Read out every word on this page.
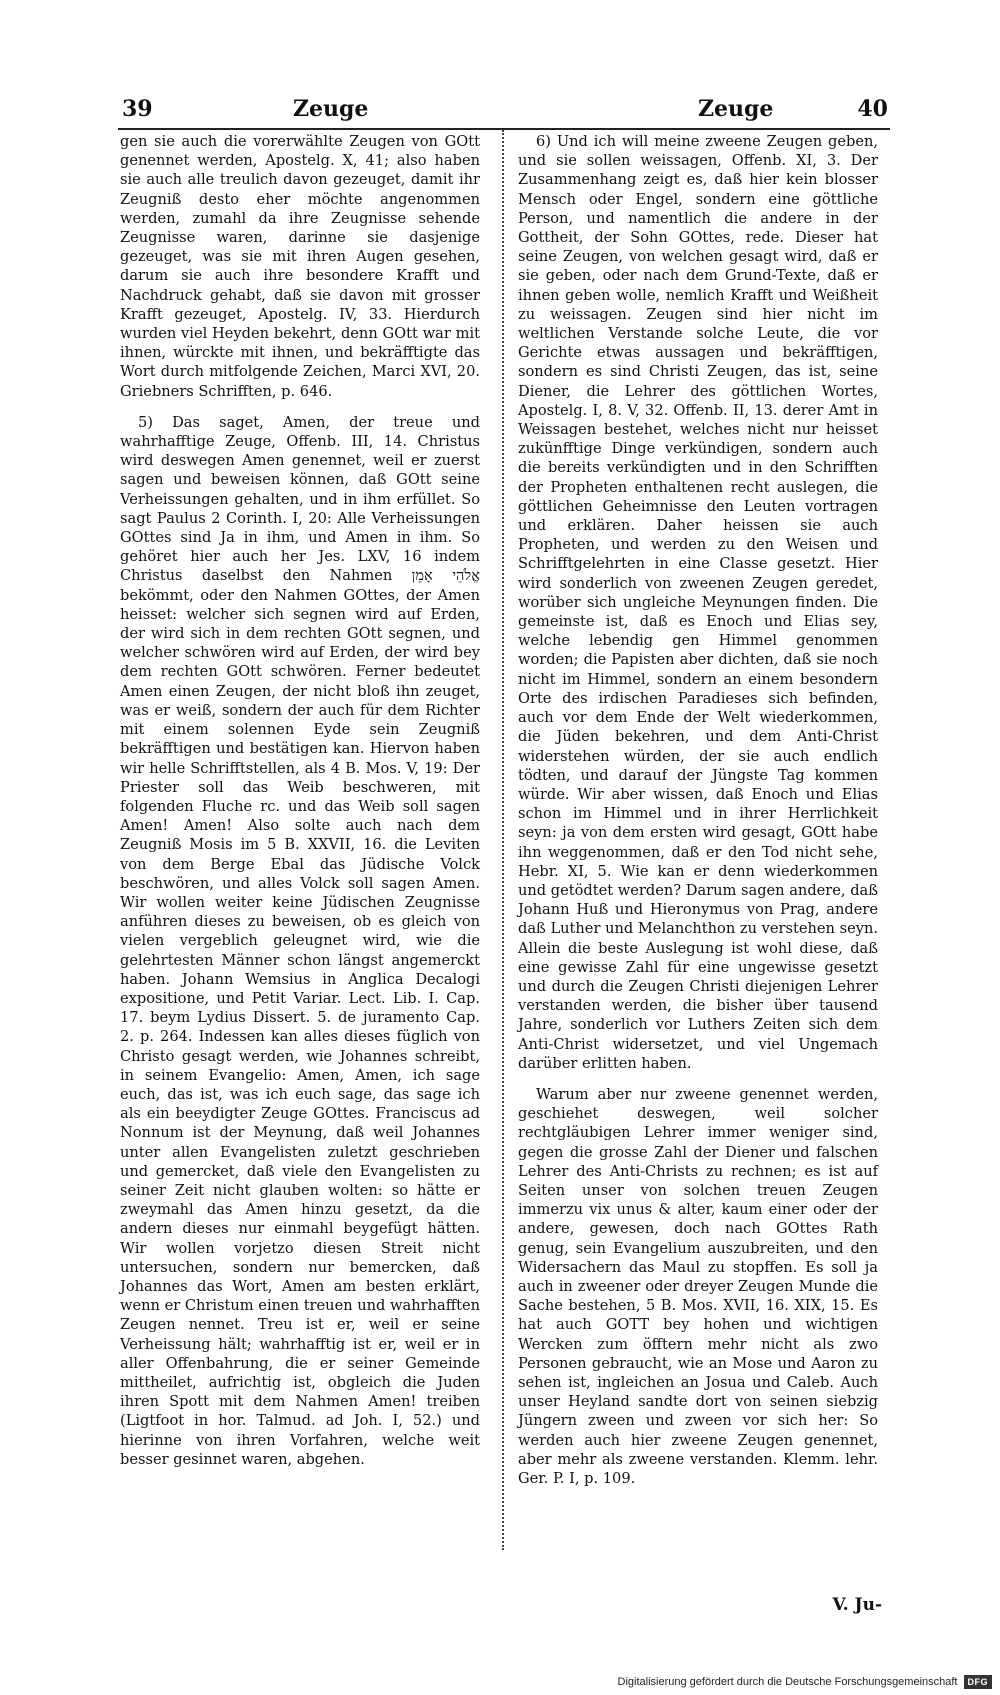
39	Zeuge	Zeuge	40

gen sie auch die vorerwählte Zeugen von GOtt genennet werden, Apostelg. X, 41; also haben sie auch alle treulich davon gezeuget, damit ihr Zeugniß desto eher möchte angenommen werden, zumahl da ihre Zeugnisse sehende Zeugnisse waren, darinne sie dasjenige gezeuget, was sie mit ihren Augen gesehen, darum sie auch ihre besondere Krafft und Nachdruck gehabt, daß sie davon mit grosser Krafft gezeuget, Apostelg. IV, 33. Hierdurch wurden viel Heyden bekehrt, denn GOtt war mit ihnen, würckte mit ihnen, und bekräfftigte das Wort durch mitfolgende Zeichen, Marci XVI, 20. Griebners Schrifften, p. 646.

5) Das saget, Amen, der treue und wahrhafftige Zeuge, Offenb. III, 14. Christus wird deswegen Amen genennet, weil er zuerst sagen und beweisen können, daß GOtt seine Verheissungen gehalten, und in ihm erfüllet. So sagt Paulus 2 Corinth. I, 20: Alle Verheissungen GOttes sind Ja in ihm, und Amen in ihm. So gehöret hier auch her Jes. LXV, 16 indem Christus daselbst den Nahmen אֱלֹהֵי אָמֵן bekömmt, oder den Nahmen GOttes, der Amen heisset: welcher sich segnen wird auf Erden, der wird sich in dem rechten GOtt segnen, und welcher schwören wird auf Erden, der wird bey dem rechten GOtt schwören. Ferner bedeutet Amen einen Zeugen, der nicht bloß ihn zeuget, was er weiß, sondern der auch für dem Richter mit einem solennen Eyde sein Zeugniß bekräfftigen und bestätigen kan. Hiervon haben wir helle Schrifftstellen, als 4 B. Mos. V, 19: Der Priester soll das Weib beschweren, mit folgenden Fluche rc. und das Weib soll sagen Amen! Amen! Also solte auch nach dem Zeugniß Mosis im 5 B. XXVII, 16. die Leviten von dem Berge Ebal das Jüdische Volck beschwören, und alles Volck soll sagen Amen. Wir wollen weiter keine Jüdischen Zeugnisse anführen dieses zu beweisen, ob es gleich von vielen vergeblich geleugnet wird, wie die gelehrtesten Männer schon längst angemerckt haben. Johann Wemsius in Anglica Decalogi expositione, und Petit Variar. Lect. Lib. I. Cap. 17. beym Lydius Dissert. 5. de juramento Cap. 2. p. 264. Indessen kan alles dieses füglich von Christo gesagt werden, wie Johannes schreibt, in seinem Evangelio: Amen, Amen, ich sage euch, das ist, was ich euch sage, das sage ich als ein beeydigter Zeuge GOttes. Franciscus ad Nonnum ist der Meynung, daß weil Johannes unter allen Evangelisten zuletzt geschrieben und gemercket, daß viele den Evangelisten zu seiner Zeit nicht glauben wolten: so hätte er zweymahl das Amen hinzu gesetzt, da die andern dieses nur einmahl beygefügt hätten. Wir wollen vorjetzo diesen Streit nicht untersuchen, sondern nur bemercken, daß Johannes das Wort, Amen am besten erklärt, wenn er Christum einen treuen und wahrhafften Zeugen nennet. Treu ist er, weil er seine Verheissung hält; wahrhafftig ist er, weil er in aller Offenbahrung, die er seiner Gemeinde mittheilet, aufrichtig ist, obgleich die Juden ihren Spott mit dem Nahmen Amen! treiben (Ligtfoot in hor. Talmud. ad Joh. I, 52.) und hierinne von ihren Vorfahren, welche weit besser gesinnet waren, abgehen.

6) Und ich will meine zweene Zeugen geben, und sie sollen weissagen, Offenb. XI, 3. Der Zusammenhang zeigt es, daß hier kein blosser Mensch oder Engel, sondern eine göttliche Person, und namentlich die andere in der Gottheit, der Sohn GOttes, rede. Dieser hat seine Zeugen, von welchen gesagt wird, daß er sie geben, oder nach dem Grund-Texte, daß er ihnen geben wolle, nemlich Krafft und Weißheit zu weissagen. Zeugen sind hier nicht im weltlichen Verstande solche Leute, die vor Gerichte etwas aussagen und bekräfftigen, sondern es sind Christi Zeugen, das ist, seine Diener, die Lehrer des göttlichen Wortes, Apostelg. I, 8. V, 32. Offenb. II, 13. derer Amt in Weissagen bestehet, welches nicht nur heisset zukünfftige Dinge verkündigen, sondern auch die bereits verkündigten und in den Schrifften der Propheten enthaltenen recht auslegen, die göttlichen Geheimnisse den Leuten vortragen und erklären. Daher heissen sie auch Propheten, und werden zu den Weisen und Schrifftgelehrten in eine Classe gesetzt. Hier wird sonderlich von zweenen Zeugen geredet, worüber sich ungleiche Meynungen finden. Die gemeinste ist, daß es Enoch und Elias sey, welche lebendig gen Himmel genommen worden; die Papisten aber dichten, daß sie noch nicht im Himmel, sondern an einem besondern Orte des irdischen Paradieses sich befinden, auch vor dem Ende der Welt wiederkommen, die Jüden bekehren, und dem Anti-Christ widerstehen würden, der sie auch endlich tödten, und darauf der Jüngste Tag kommen würde. Wir aber wissen, daß Enoch und Elias schon im Himmel und in ihrer Herrlichkeit seyn: ja von dem ersten wird gesagt, GOtt habe ihn weggenommen, daß er den Tod nicht sehe, Hebr. XI, 5. Wie kan er denn wiederkommen und getödtet werden? Darum sagen andere, daß Johann Huß und Hieronymus von Prag, andere daß Luther und Melanchthon zu verstehen seyn. Allein die beste Auslegung ist wohl diese, daß eine gewisse Zahl für eine ungewisse gesetzt und durch die Zeugen Christi diejenigen Lehrer verstanden werden, die bisher über tausend Jahre, sonderlich vor Luthers Zeiten sich dem Anti-Christ widersetzet, und viel Ungemach darüber erlitten haben.

Warum aber nur zweene genennet werden, geschiehet deswegen, weil solcher rechtgläubigen Lehrer immer weniger sind, gegen die grosse Zahl der Diener und falschen Lehrer des Anti-Christs zu rechnen; es ist auf Seiten unser von solchen treuen Zeugen immerzu vix unus & alter, kaum einer oder der andere, gewesen, doch nach GOttes Rath genug, sein Evangelium auszubreiten, und den Widersachern das Maul zu stopffen. Es soll ja auch in zweener oder dreyer Zeugen Munde die Sache bestehen, 5 B. Mos. XVII, 16. XIX, 15. Es hat auch GOTT bey hohen und wichtigen Wercken zum öfftern mehr nicht als zwo Personen gebraucht, wie an Mose und Aaron zu sehen ist, ingleichen an Josua und Caleb. Auch unser Heyland sandte dort von seinen siebzig Jüngern zween und zween vor sich her: So werden auch hier zweene Zeugen genennet, aber mehr als zweene verstanden. Klemm. lehr. Ger. P. I, p. 109.

V. Ju-
Digitalisierung gefördert durch die Deutsche Forschungsgemeinschaft	DFG
